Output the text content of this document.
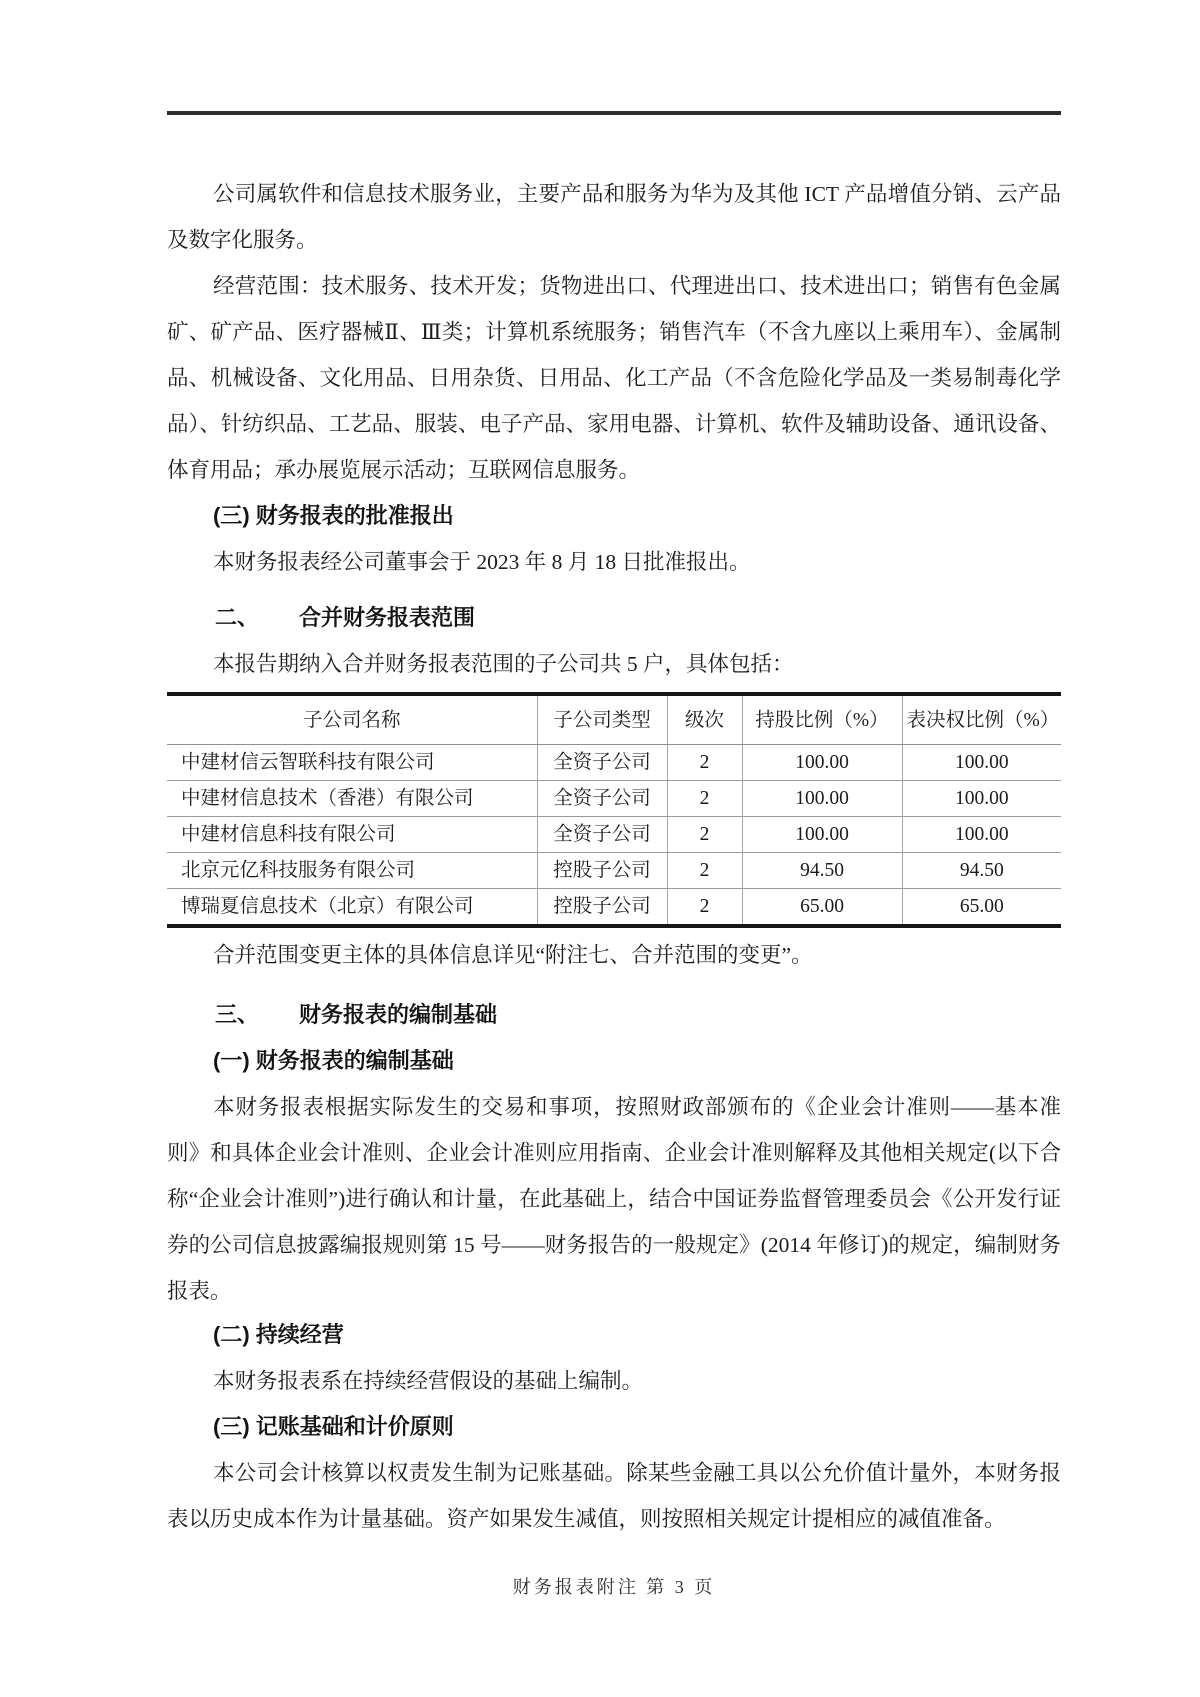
公司属软件和信息技术服务业，主要产品和服务为华为及其他 ICT 产品增值分销、云产品及数字化服务。

经营范围：技术服务、技术开发；货物进出口、代理进出口、技术进出口；销售有色金属矿、矿产品、医疗器械Ⅱ、Ⅲ类；计算机系统服务；销售汽车（不含九座以上乘用车）、金属制品、机械设备、文化用品、日用杂货、日用品、化工产品（不含危险化学品及一类易制毒化学品）、针纺织品、工艺品、服装、电子产品、家用电器、计算机、软件及辅助设备、通讯设备、体育用品；承办展览展示活动；互联网信息服务。

(三) 财务报表的批准报出

本财务报表经公司董事会于 2023 年 8 月 18 日批准报出。

二、	合并财务报表范围

本报告期纳入合并财务报表范围的子公司共 5 户，具体包括：

子公司名称	子公司类型	级次	持股比例（%）	表决权比例（%）
中建材信云智联科技有限公司	全资子公司	2	100.00	100.00
中建材信息技术（香港）有限公司	全资子公司	2	100.00	100.00
中建材信息科技有限公司	全资子公司	2	100.00	100.00
北京元亿科技服务有限公司	控股子公司	2	94.50	94.50
博瑞夏信息技术（北京）有限公司	控股子公司	2	65.00	65.00

合并范围变更主体的具体信息详见“附注七、合并范围的变更”。

三、	财务报表的编制基础
(一) 财务报表的编制基础

本财务报表根据实际发生的交易和事项，按照财政部颁布的《企业会计准则——基本准则》和具体企业会计准则、企业会计准则应用指南、企业会计准则解释及其他相关规定(以下合称“企业会计准则”)进行确认和计量，在此基础上，结合中国证券监督管理委员会《公开发行证券的公司信息披露编报规则第 15 号——财务报告的一般规定》(2014 年修订)的规定，编制财务报表。

(二) 持续经营

本财务报表系在持续经营假设的基础上编制。

(三) 记账基础和计价原则

本公司会计核算以权责发生制为记账基础。除某些金融工具以公允价值计量外，本财务报表以历史成本作为计量基础。资产如果发生减值，则按照相关规定计提相应的减值准备。

财务报表附注 第 3 页
